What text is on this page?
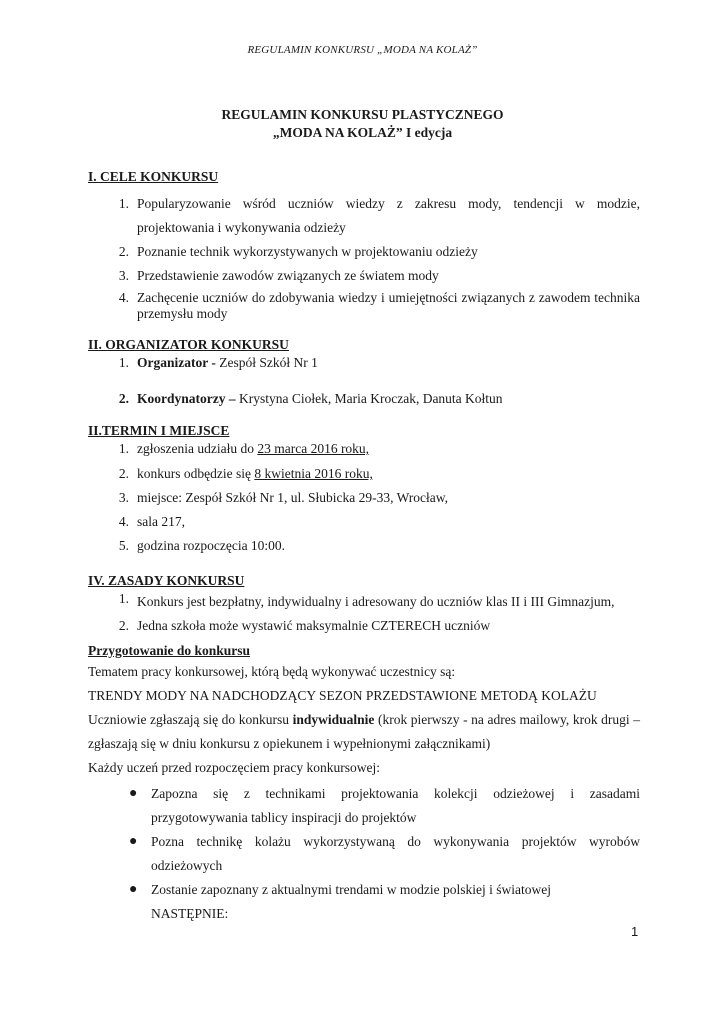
REGULAMIN KONKURSU „MODA NA KOLAŻ”
REGULAMIN KONKURSU PLASTYCZNEGO
„MODA NA KOLAŻ” I edycja
I. CELE KONKURSU
1. Popularyzowanie wśród uczniów wiedzy z zakresu mody, tendencji w modzie, projektowania i wykonywania odzieży
2. Poznanie technik wykorzystywanych w projektowaniu odzieży
3. Przedstawienie zawodów związanych ze światem mody
4. Zachęcenie uczniów do zdobywania wiedzy i umiejętności związanych z zawodem technika przemysłu mody
II. ORGANIZATOR KONKURSU
1. Organizator - Zespół Szkół Nr 1
2. Koordynatorzy – Krystyna Ciołek, Maria Kroczak, Danuta Kołtun
II.TERMIN I MIEJSCE
1. zgłoszenia udziału do 23 marca 2016 roku,
2. konkurs odbędzie się 8 kwietnia 2016 roku,
3. miejsce: Zespół Szkół Nr 1, ul. Słubicka 29-33, Wrocław,
4. sala 217,
5. godzina rozpoczęcia 10:00.
IV. ZASADY KONKURSU
1. Konkurs jest bezpłatny, indywidualny i adresowany do uczniów klas II i III Gimnazjum,
2. Jedna szkoła może wystawić maksymalnie CZTERECH uczniów
Przygotowanie do konkursu
Tematem pracy konkursowej, którą będą wykonywać uczestnicy są:
TRENDY MODY NA NADCHODZĄCY SEZON PRZEDSTAWIONE METODĄ KOLAŻU
Uczniowie zgłaszają się do konkursu indywidualnie (krok pierwszy - na adres mailowy, krok drugi – zgłaszają się w dniu konkursu z opiekunem i wypełnionymi załącznikami)
Każdy uczeń przed rozpoczęciem pracy konkursowej:
●	Zapozna się z technikami projektowania kolekcji odzieżowej i zasadami przygotowywania tablicy inspiracji do projektów
●	Pozna technikę kolażu wykorzystywaną do wykonywania projektów wyrobów odzieżowych
●	Zostanie zapoznany z aktualnymi trendami w modzie polskiej i światowej
NASTĘPNIE:
1
